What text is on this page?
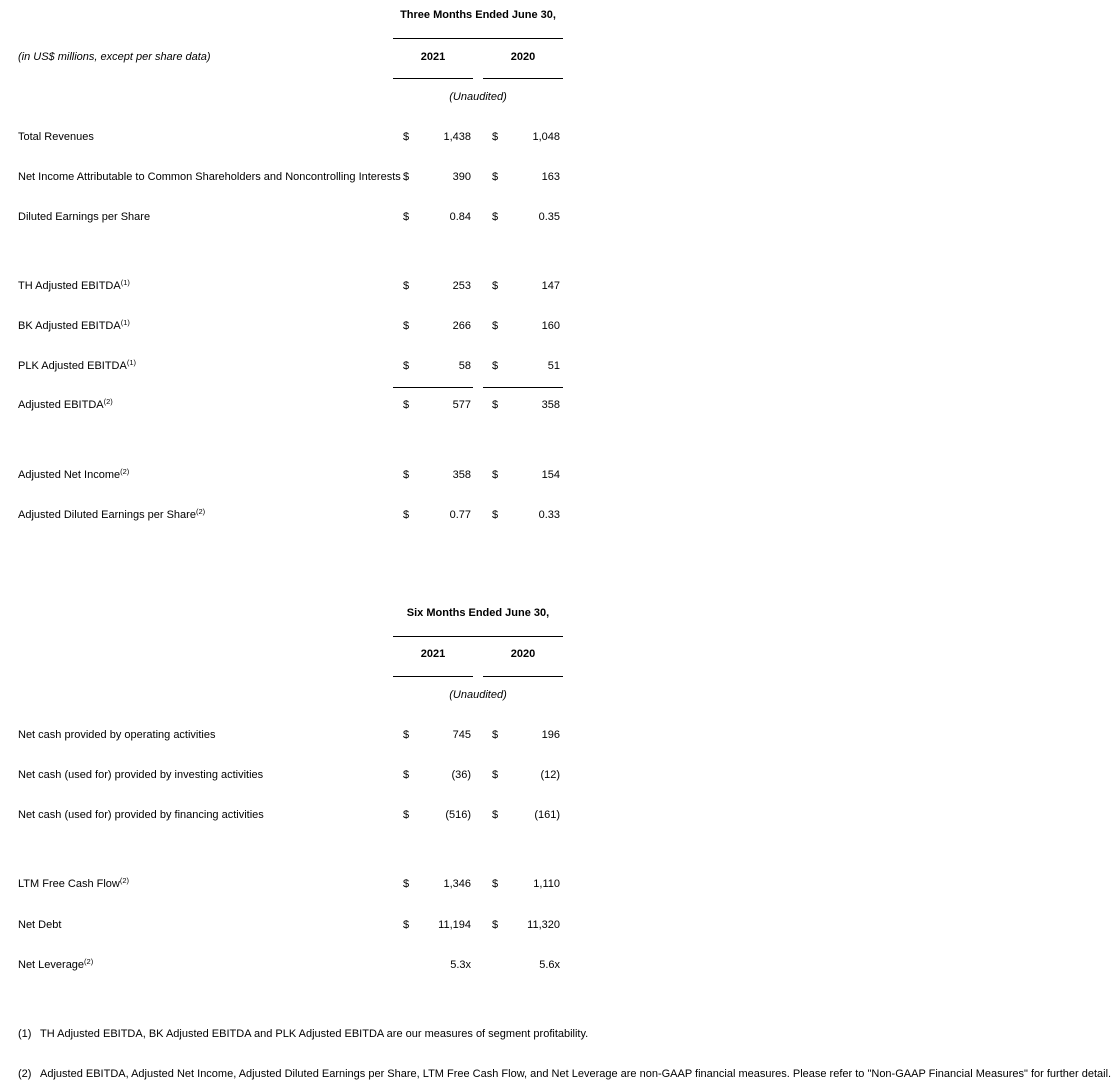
Three Months Ended June 30,
(in US$ millions, except per share data)	2021	2020
(Unaudited)
Total Revenues	$	1,438 $	1,048
Net Income Attributable to Common Shareholders and Noncontrolling Interests $	390 $	163
Diluted Earnings per Share	$	0.84 $	0.35
TH Adjusted EBITDA$^{(1)}$	$	253 $	147
BK Adjusted EBITDA$^{(1)}$	$	266 $	160
PLK Adjusted EBITDA$^{(1)}$	$	58 $	51
Adjusted EBITDA$^{(2)}$	$	577 $	358
Adjusted Net Income$^{(2)}$	$	358 $	154
Adjusted Diluted Earnings per Share$^{(2)}$	$	0.77 $	0.33
Six Months Ended June 30,
2021	2020
(Unaudited)
Net cash provided by operating activities	$	745 $	196
Net cash (used for) provided by investing activities	$	(36) $	(12)
Net cash (used for) provided by financing activities	$	(516) $	(161)
LTM Free Cash Flow$^{(2)}$	$	1,346 $	1,110
Net Debt	$	11,194 $	11,320
Net Leverage$^{(2)}$	5.3x	5.6x
(1) TH Adjusted EBITDA, BK Adjusted EBITDA and PLK Adjusted EBITDA are our measures of segment profitability.
(2) Adjusted EBITDA, Adjusted Net Income, Adjusted Diluted Earnings per Share, LTM Free Cash Flow, and Net Leverage are non-GAAP financial measures. Please refer to "Non-GAAP Financial Measures" for further detail.
